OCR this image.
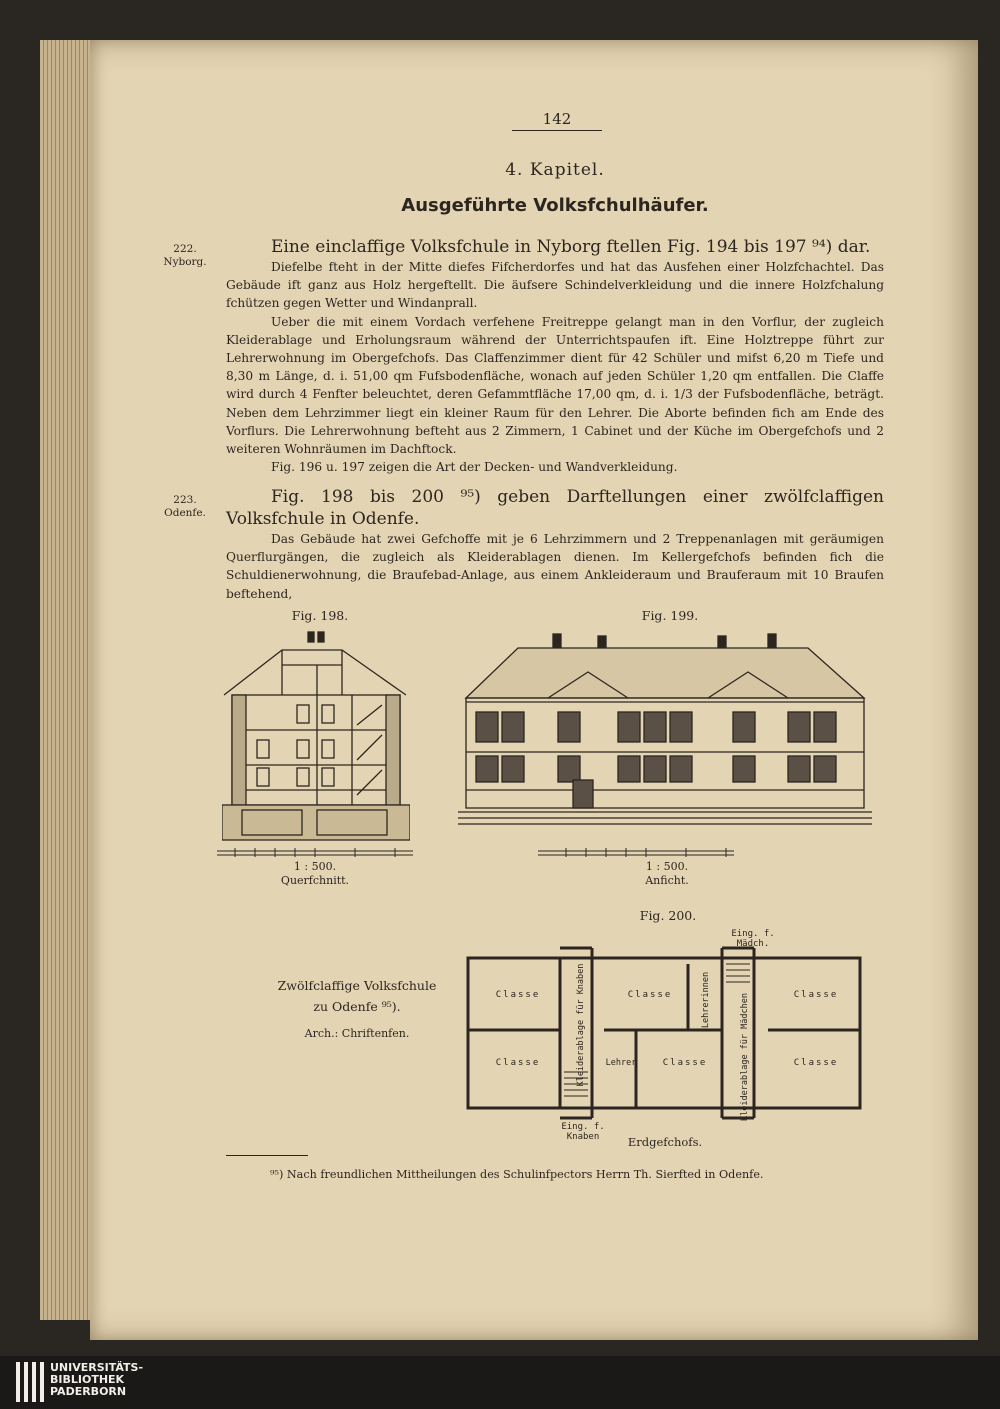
142
4. Kapitel.
Ausgeführte Volksfchulhäufer.
222.
Nyborg.
223.
Odenfe.

Eine einclaffige Volksfchule in Nyborg ftellen Fig. 194 bis 197 ⁹⁴) dar.

Diefelbe fteht in der Mitte diefes Fifcherdorfes und hat das Ausfehen einer Holzfchachtel. Das Gebäude ift ganz aus Holz hergeftellt. Die äufsere Schindelverkleidung und die innere Holzfchalung fchützen gegen Wetter und Windanprall.

Ueber die mit einem Vordach verfehene Freitreppe gelangt man in den Vorflur, der zugleich Kleiderablage und Erholungsraum während der Unterrichtspaufen ift. Eine Holztreppe führt zur Lehrerwohnung im Obergefchofs. Das Claffenzimmer dient für 42 Schüler und mifst 6,20 m Tiefe und 8,30 m Länge, d. i. 51,00 qm Fufsbodenfläche, wonach auf jeden Schüler 1,20 qm entfallen. Die Claffe wird durch 4 Fenfter beleuchtet, deren Gefammtfläche 17,00 qm, d. i. 1/3 der Fufsbodenfläche, beträgt. Neben dem Lehrzimmer liegt ein kleiner Raum für den Lehrer. Die Aborte befinden fich am Ende des Vorflurs. Die Lehrerwohnung befteht aus 2 Zimmern, 1 Cabinet und der Küche im Obergefchofs und 2 weiteren Wohnräumen im Dachftock.

Fig. 196 u. 197 zeigen die Art der Decken- und Wandverkleidung.

Fig. 198 bis 200 ⁹⁵) geben Darftellungen einer zwölfclaffigen Volksfchule in Odenfe.

Das Gebäude hat zwei Gefchoffe mit je 6 Lehrzimmern und 2 Treppenanlagen mit geräumigen Querflurgängen, die zugleich als Kleiderablagen dienen. Im Kellergefchofs befinden fich die Schuldienerwohnung, die Braufebad-Anlage, aus einem Ankleideraum und Brauferaum mit 10 Braufen beftehend,

Fig. 198.
1 : 500.
Querfchnitt.
Fig. 199.
1 : 500.
Anficht.
Fig. 200.
Eing. f. Mädch.
Classe
Classe
Classe
Classe
Classe
Classe
Lehrer
Lehrerinnen
Kleiderablage für Knaben	Kleiderablage für Mädchen
Eing. f. Knaben	Erdgefchofs.
Zwölfclaffige Volksfchule
zu Odenfe ⁹⁵).
Arch.: Chriftenfen.
⁹⁵) Nach freundlichen Mittheilungen des Schulinfpectors Herrn Th. Sierfted in Odenfe.
UNIVERSITÄTS-
BIBLIOTHEK
PADERBORN
